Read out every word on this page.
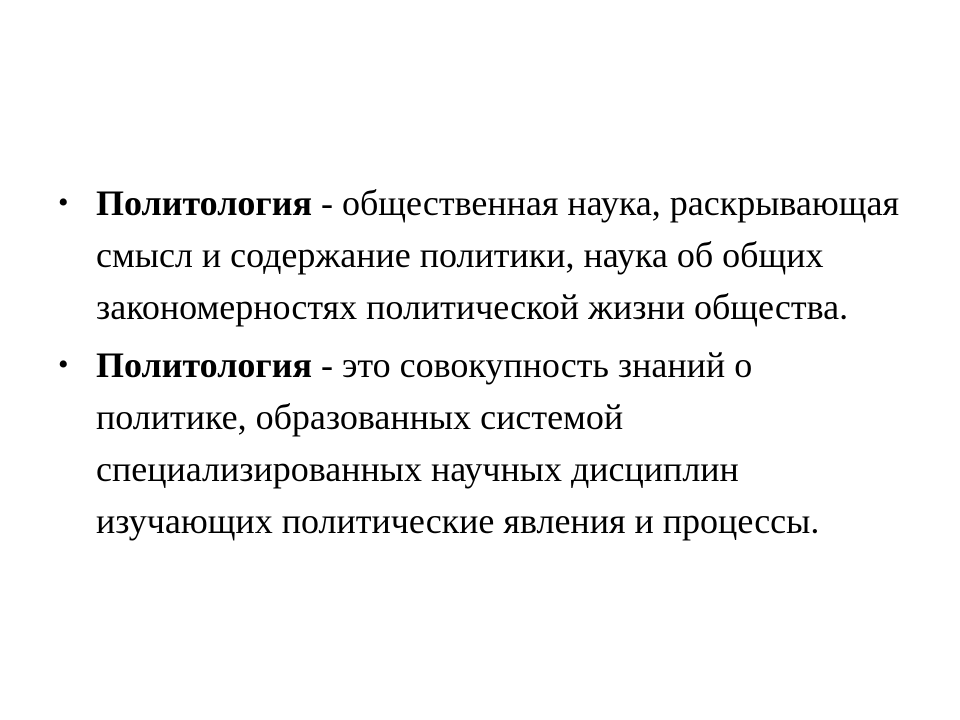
• Политология - общественная наука, раскрывающая смысл и содержание политики, наука об общих закономерностях политической жизни общества.
• Политология - это совокупность знаний о политике, образованных системой специализированных научных дисциплин изучающих политические явления и процессы.
